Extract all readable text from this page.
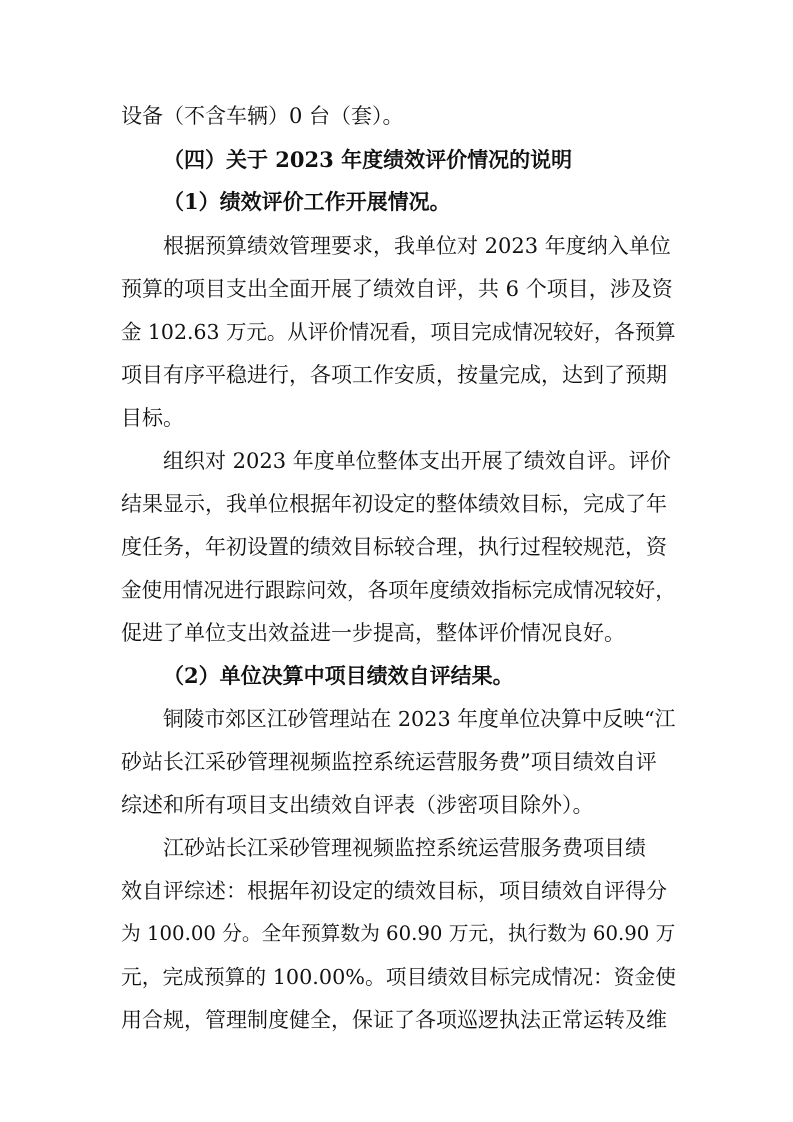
设备（不含车辆）0 台（套）。
（四）关于 2023 年度绩效评价情况的说明
（1）绩效评价工作开展情况。
根据预算绩效管理要求，我单位对 2023 年度纳入单位
预算的项目支出全面开展了绩效自评，共 6 个项目，涉及资
金 102.63 万元。从评价情况看，项目完成情况较好，各预算
项目有序平稳进行，各项工作安质，按量完成，达到了预期
目标。
组织对 2023 年度单位整体支出开展了绩效自评。评价
结果显示，我单位根据年初设定的整体绩效目标，完成了年
度任务，年初设置的绩效目标较合理，执行过程较规范，资
金使用情况进行跟踪问效，各项年度绩效指标完成情况较好，
促进了单位支出效益进一步提高，整体评价情况良好。
（2）单位决算中项目绩效自评结果。
铜陵市郊区江砂管理站在 2023 年度单位决算中反映“江
砂站长江采砂管理视频监控系统运营服务费”项目绩效自评
综述和所有项目支出绩效自评表（涉密项目除外）。
江砂站长江采砂管理视频监控系统运营服务费项目绩
效自评综述：根据年初设定的绩效目标，项目绩效自评得分
为 100.00 分。全年预算数为 60.90 万元，执行数为 60.90 万
元，完成预算的 100.00%。项目绩效目标完成情况：资金使
用合规，管理制度健全，保证了各项巡逻执法正常运转及维
